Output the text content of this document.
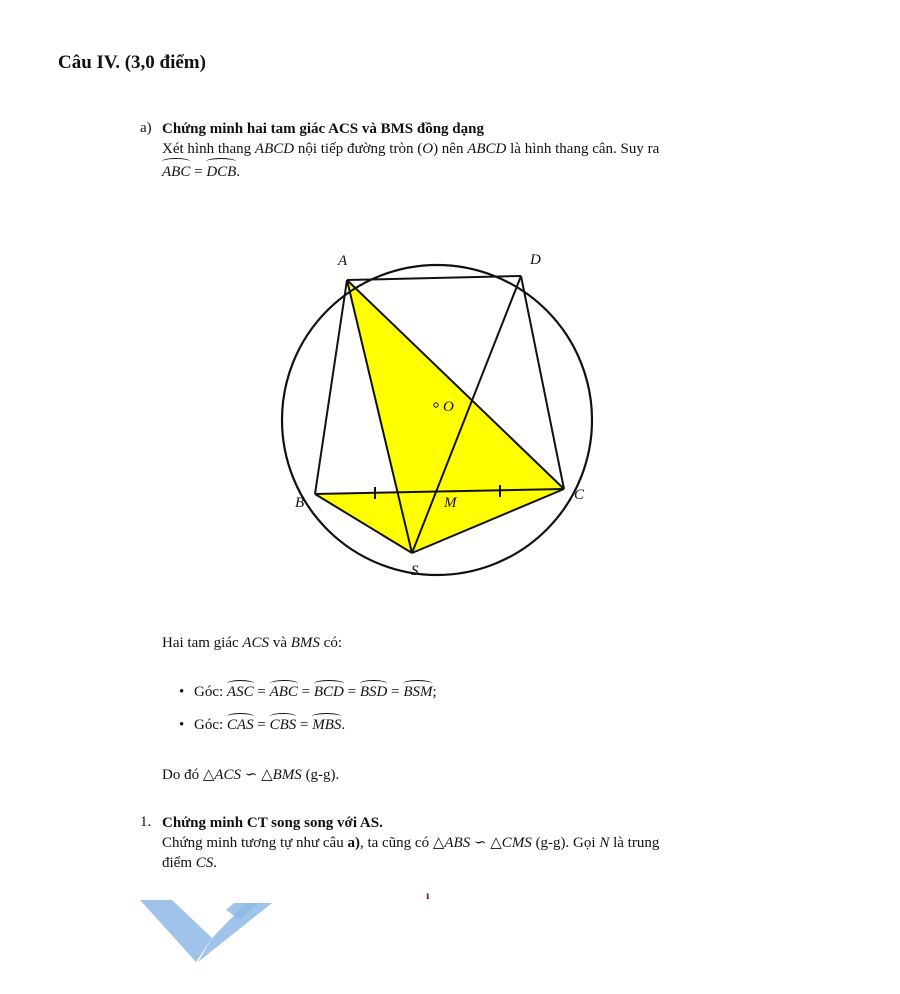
Câu IV. (3,0 điểm)
a) Chứng minh hai tam giác ACS và BMS đồng dạng
Xét hình thang ABCD nội tiếp đường tròn (O) nên ABCD là hình thang cân. Suy ra
ABC = DCB.
A	D
O
B	M	C
S
Hai tam giác ACS và BMS có:
• Góc: ASC = ABC = BCD = BSD = BSM;
• Góc: CAS = CBS = MBS.
Do đó △ACS ∽ △BMS (g-g).
1. Chứng minh CT song song với AS.
Chứng minh tương tự như câu a), ta cũng có △ABS ∽ △CMS (g-g). Gọi N là trung
điểm CS.
ı
